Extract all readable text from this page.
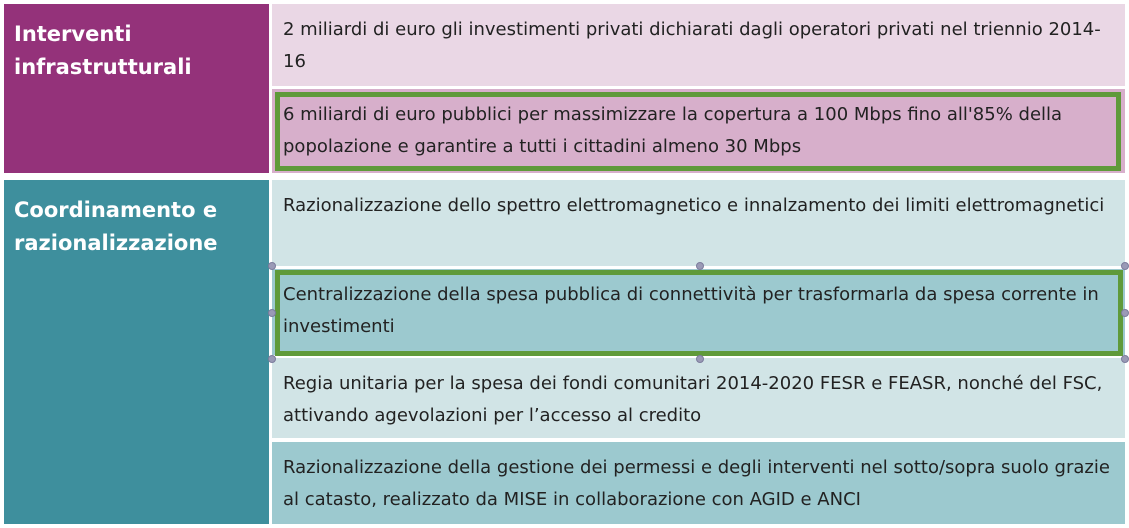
Interventi infrastrutturali
2 miliardi di euro gli investimenti privati dichiarati dagli operatori privati nel triennio 2014-16
6 miliardi di euro pubblici per massimizzare la copertura a 100 Mbps fino all'85% della popolazione e garantire a tutti i cittadini almeno 30 Mbps
Coordinamento e razionalizzazione
Razionalizzazione dello spettro elettromagnetico e innalzamento dei limiti elettromagnetici
Centralizzazione della spesa pubblica di connettività per trasformarla da spesa corrente in investimenti
Regia unitaria per la spesa dei fondi comunitari 2014-2020 FESR e FEASR, nonché del FSC, attivando agevolazioni per l’accesso al credito
Razionalizzazione della gestione dei permessi e degli interventi nel sotto/sopra suolo grazie al catasto, realizzato da MISE in collaborazione con AGID e ANCI
